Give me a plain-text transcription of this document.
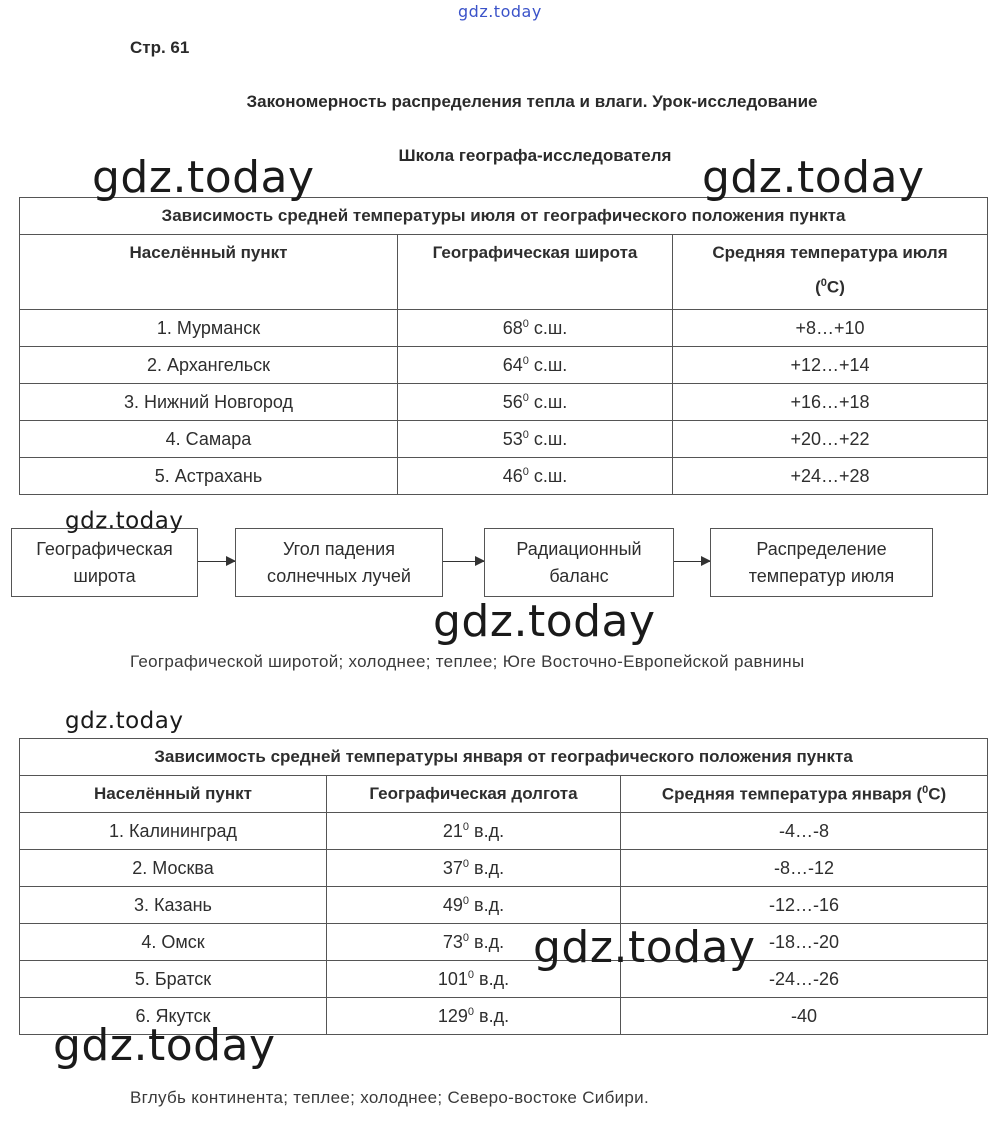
Стр. 61
Закономерность распределения тепла и влаги. Урок-исследование
Школа географа-исследователя
Зависимость средней температуры июля от географического положения пункта		
Населённый пункт	Географическая широта	Средняя температура июля
($^0$С)
1. Мурманск	$68^0$ с.ш.	+8…+10
2. Архангельск	$64^0$ с.ш.	+12…+14
3. Нижний Новгород	$56^0$ с.ш.	+16…+18
4. Самара	$53^0$ с.ш.	+20…+22
5. Астрахань	$46^0$ с.ш.	+24…+28
Географическая
широта
Угол падения
солнечных лучей
Радиационный
баланс
Распределение
температур июля
Географической широтой; холоднее; теплее; Юге Восточно-Европейской равнины
Зависимость средней температуры января от географического положения пункта		
Населённый пункт	Географическая долгота	Средняя температура января ($^0$С)
1. Калининград	$21^0$ в.д.	-4…-8
2. Москва	$37^0$ в.д.	-8…-12
3. Казань	$49^0$ в.д.	-12…-16
4. Омск	$73^0$ в.д.	-18…-20
5. Братск	$101^0$ в.д.	-24…-26
6. Якутск	$129^0$ в.д.	-40
Вглубь континента; теплее; холоднее; Северо-востоке Сибири.
gdz.today
gdz.today	gdz.today
gdz.today
gdz.today
gdz.today
gdz.today
gdz.today
